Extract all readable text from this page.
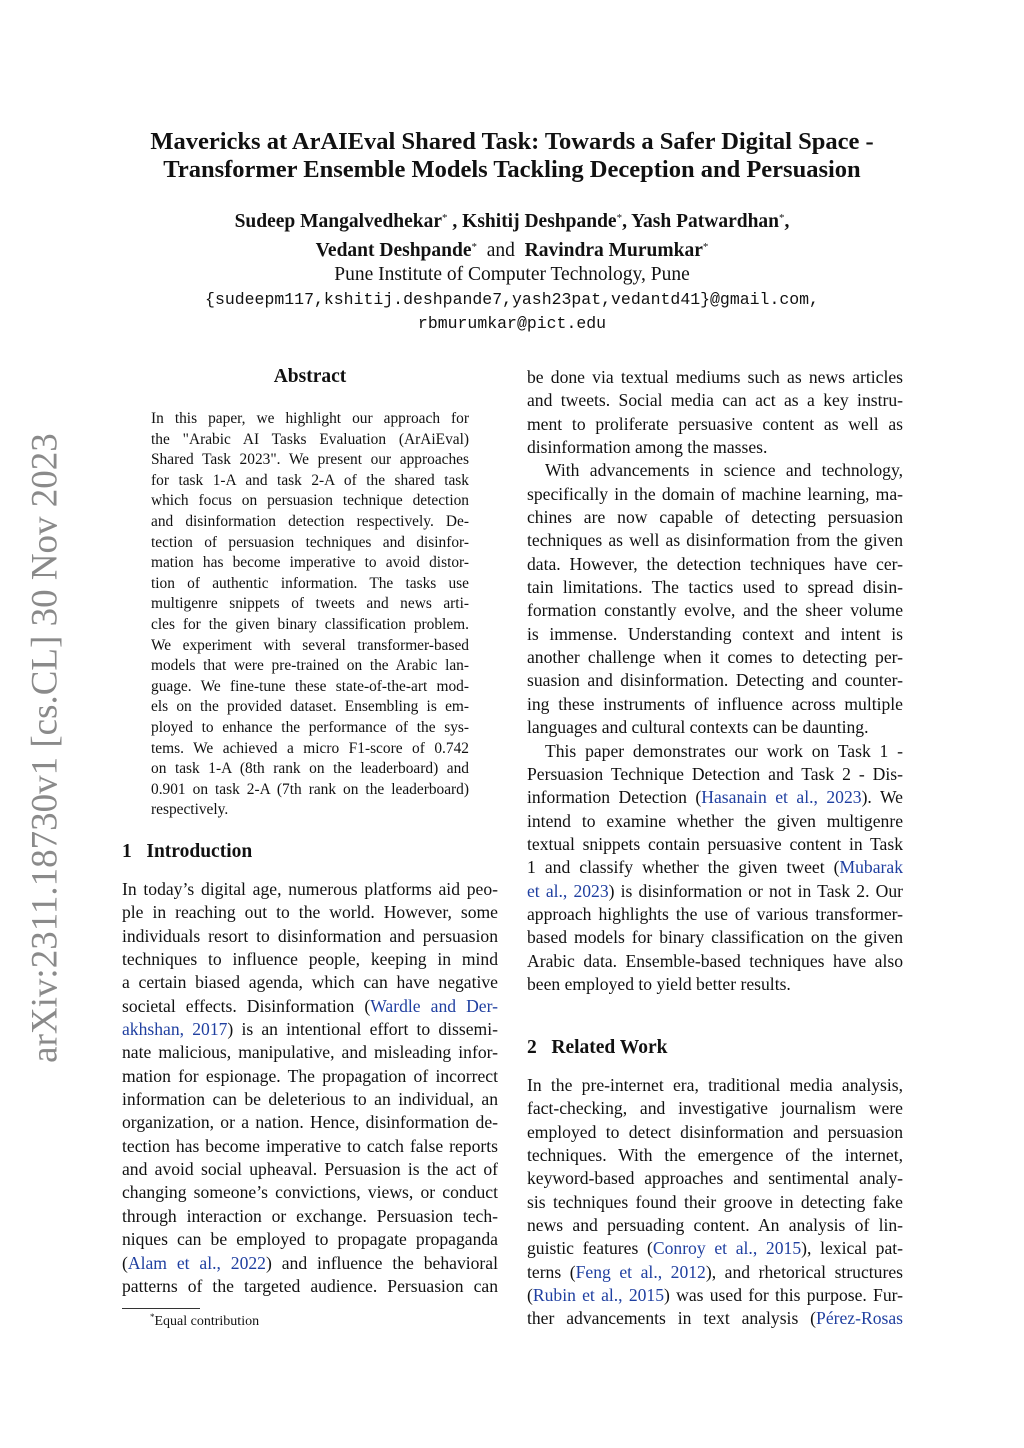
arXiv:2311.18730v1 [cs.CL] 30 Nov 2023
Mavericks at ArAIEval Shared Task: Towards a Safer Digital Space -
Transformer Ensemble Models Tackling Deception and Persuasion
Sudeep Mangalvedhekar* , Kshitij Deshpande*, Yash Patwardhan*,
Vedant Deshpande* and Ravindra Murumkar*
Pune Institute of Computer Technology, Pune
{sudeepm117,kshitij.deshpande7,yash23pat,vedantd41}@gmail.com,
rbmurumkar@pict.edu
Abstract
In this paper, we highlight our approach for
the "Arabic AI Tasks Evaluation (ArAiEval)
Shared Task 2023". We present our approaches
for task 1-A and task 2-A of the shared task
which focus on persuasion technique detection
and disinformation detection respectively. De-
tection of persuasion techniques and disinfor-
mation has become imperative to avoid distor-
tion of authentic information. The tasks use
multigenre snippets of tweets and news arti-
cles for the given binary classification problem.
We experiment with several transformer-based
models that were pre-trained on the Arabic lan-
guage. We fine-tune these state-of-the-art mod-
els on the provided dataset. Ensembling is em-
ployed to enhance the performance of the sys-
tems. We achieved a micro F1-score of 0.742
on task 1-A (8th rank on the leaderboard) and
0.901 on task 2-A (7th rank on the leaderboard)
respectively.
1 Introduction
In today’s digital age, numerous platforms aid peo-
ple in reaching out to the world. However, some
individuals resort to disinformation and persuasion
techniques to influence people, keeping in mind
a certain biased agenda, which can have negative
societal effects. Disinformation (Wardle and Der-
akhshan, 2017) is an intentional effort to dissemi-
nate malicious, manipulative, and misleading infor-
mation for espionage. The propagation of incorrect
information can be deleterious to an individual, an
organization, or a nation. Hence, disinformation de-
tection has become imperative to catch false reports
and avoid social upheaval. Persuasion is the act of
changing someone’s convictions, views, or conduct
through interaction or exchange. Persuasion tech-
niques can be employed to propagate propaganda
(Alam et al., 2022) and influence the behavioral
patterns of the targeted audience. Persuasion can
be done via textual mediums such as news articles
and tweets. Social media can act as a key instru-
ment to proliferate persuasive content as well as
disinformation among the masses.
With advancements in science and technology,
specifically in the domain of machine learning, ma-
chines are now capable of detecting persuasion
techniques as well as disinformation from the given
data. However, the detection techniques have cer-
tain limitations. The tactics used to spread disin-
formation constantly evolve, and the sheer volume
is immense. Understanding context and intent is
another challenge when it comes to detecting per-
suasion and disinformation. Detecting and counter-
ing these instruments of influence across multiple
languages and cultural contexts can be daunting.
This paper demonstrates our work on Task 1 -
Persuasion Technique Detection and Task 2 - Dis-
information Detection (Hasanain et al., 2023). We
intend to examine whether the given multigenre
textual snippets contain persuasive content in Task
1 and classify whether the given tweet (Mubarak
et al., 2023) is disinformation or not in Task 2. Our
approach highlights the use of various transformer-
based models for binary classification on the given
Arabic data. Ensemble-based techniques have also
been employed to yield better results.
2 Related Work
In the pre-internet era, traditional media analysis,
fact-checking, and investigative journalism were
employed to detect disinformation and persuasion
techniques. With the emergence of the internet,
keyword-based approaches and sentimental analy-
sis techniques found their groove in detecting fake
news and persuading content. An analysis of lin-
guistic features (Conroy et al., 2015), lexical pat-
terns (Feng et al., 2012), and rhetorical structures
(Rubin et al., 2015) was used for this purpose. Fur-
ther advancements in text analysis (Pérez-Rosas
*Equal contribution
